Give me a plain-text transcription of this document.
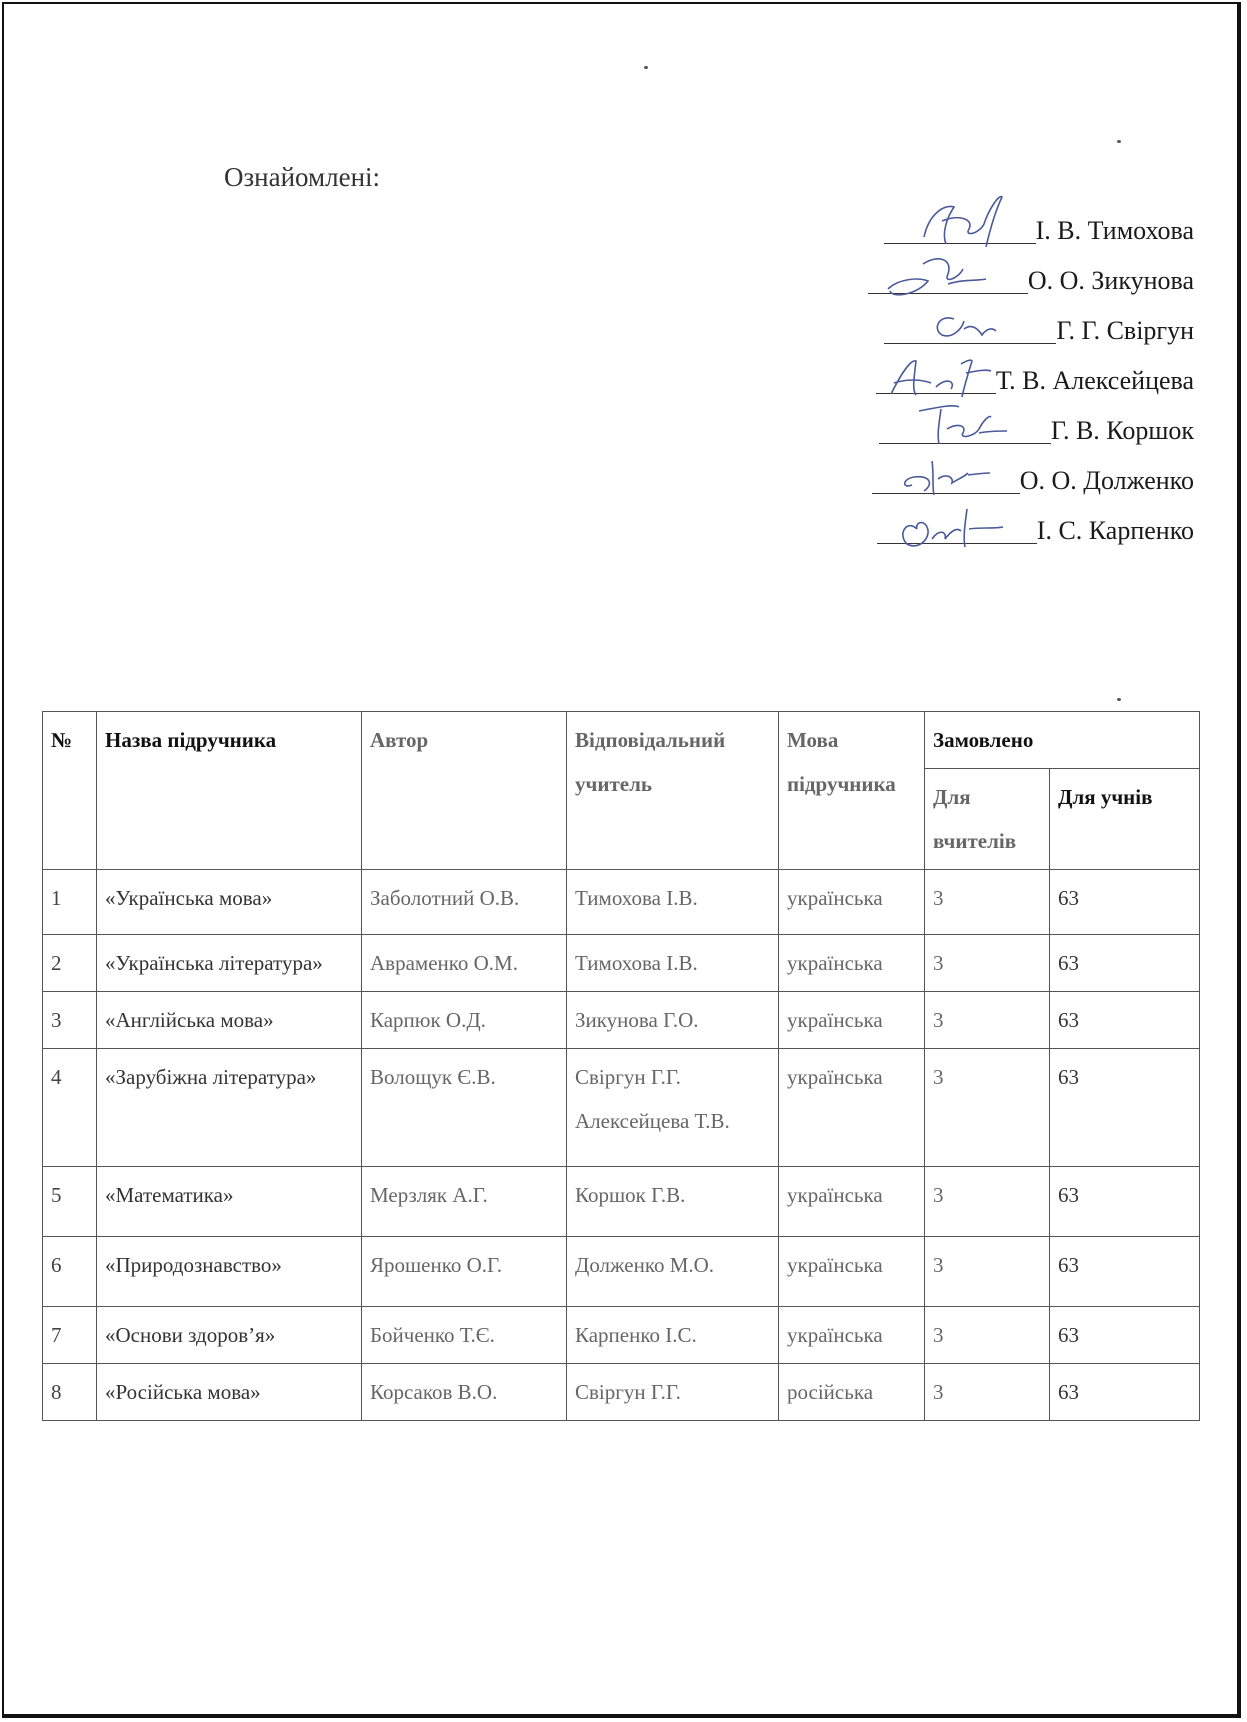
Ознайомлені:
І. В. Тимохова
О. О. Зикунова
Г. Г. Свіргун
Т. В. Алексейцева
Г. В. Коршок
О. О. Долженко
І. С. Карпенко
№	Назва підручника	Автор	Відповідальний учитель	Мова підручника	Замовлено	
					Для вчителів	Для учнів
1	«Українська мова»	Заболотний О.В.	Тимохова І.В.	українська	3	63
2	«Українська література»	Авраменко О.М.	Тимохова І.В.	українська	3	63
3	«Англійська мова»	Карпюк О.Д.	Зикунова Г.О.	українська	3	63
4	«Зарубіжна література»	Волощук Є.В.	Свіргун Г.Г. Алексейцева Т.В.	українська	3	63
5	«Математика»	Мерзляк А.Г.	Коршок Г.В.	українська	3	63
6	«Природознавство»	Ярошенко О.Г.	Долженко М.О.	українська	3	63
7	«Основи здоров’я»	Бойченко Т.Є.	Карпенко І.С.	українська	3	63
8	«Російська мова»	Корсаков В.О.	Свіргун Г.Г.	російська	3	63
